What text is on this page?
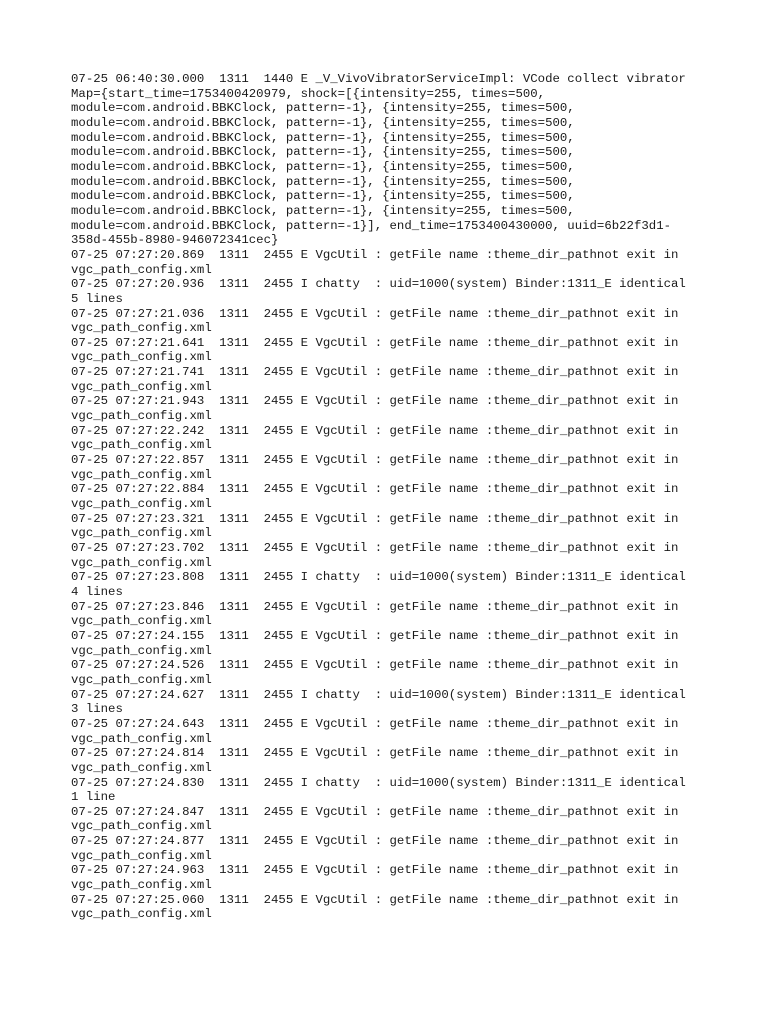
07-25 06:40:30.000  1311  1440 E _V_VivoVibratorServiceImpl: VCode collect vibrator
Map={start_time=1753400420979, shock=[{intensity=255, times=500,
module=com.android.BBKClock, pattern=-1}, {intensity=255, times=500,
module=com.android.BBKClock, pattern=-1}, {intensity=255, times=500,
module=com.android.BBKClock, pattern=-1}, {intensity=255, times=500,
module=com.android.BBKClock, pattern=-1}, {intensity=255, times=500,
module=com.android.BBKClock, pattern=-1}, {intensity=255, times=500,
module=com.android.BBKClock, pattern=-1}, {intensity=255, times=500,
module=com.android.BBKClock, pattern=-1}, {intensity=255, times=500,
module=com.android.BBKClock, pattern=-1}, {intensity=255, times=500,
module=com.android.BBKClock, pattern=-1}], end_time=1753400430000, uuid=6b22f3d1-
358d-455b-8980-946072341cec}
07-25 07:27:20.869  1311  2455 E VgcUtil : getFile name :theme_dir_pathnot exit in
vgc_path_config.xml
07-25 07:27:20.936  1311  2455 I chatty  : uid=1000(system) Binder:1311_E identical
5 lines
07-25 07:27:21.036  1311  2455 E VgcUtil : getFile name :theme_dir_pathnot exit in
vgc_path_config.xml
07-25 07:27:21.641  1311  2455 E VgcUtil : getFile name :theme_dir_pathnot exit in
vgc_path_config.xml
07-25 07:27:21.741  1311  2455 E VgcUtil : getFile name :theme_dir_pathnot exit in
vgc_path_config.xml
07-25 07:27:21.943  1311  2455 E VgcUtil : getFile name :theme_dir_pathnot exit in
vgc_path_config.xml
07-25 07:27:22.242  1311  2455 E VgcUtil : getFile name :theme_dir_pathnot exit in
vgc_path_config.xml
07-25 07:27:22.857  1311  2455 E VgcUtil : getFile name :theme_dir_pathnot exit in
vgc_path_config.xml
07-25 07:27:22.884  1311  2455 E VgcUtil : getFile name :theme_dir_pathnot exit in
vgc_path_config.xml
07-25 07:27:23.321  1311  2455 E VgcUtil : getFile name :theme_dir_pathnot exit in
vgc_path_config.xml
07-25 07:27:23.702  1311  2455 E VgcUtil : getFile name :theme_dir_pathnot exit in
vgc_path_config.xml
07-25 07:27:23.808  1311  2455 I chatty  : uid=1000(system) Binder:1311_E identical
4 lines
07-25 07:27:23.846  1311  2455 E VgcUtil : getFile name :theme_dir_pathnot exit in
vgc_path_config.xml
07-25 07:27:24.155  1311  2455 E VgcUtil : getFile name :theme_dir_pathnot exit in
vgc_path_config.xml
07-25 07:27:24.526  1311  2455 E VgcUtil : getFile name :theme_dir_pathnot exit in
vgc_path_config.xml
07-25 07:27:24.627  1311  2455 I chatty  : uid=1000(system) Binder:1311_E identical
3 lines
07-25 07:27:24.643  1311  2455 E VgcUtil : getFile name :theme_dir_pathnot exit in
vgc_path_config.xml
07-25 07:27:24.814  1311  2455 E VgcUtil : getFile name :theme_dir_pathnot exit in
vgc_path_config.xml
07-25 07:27:24.830  1311  2455 I chatty  : uid=1000(system) Binder:1311_E identical
1 line
07-25 07:27:24.847  1311  2455 E VgcUtil : getFile name :theme_dir_pathnot exit in
vgc_path_config.xml
07-25 07:27:24.877  1311  2455 E VgcUtil : getFile name :theme_dir_pathnot exit in
vgc_path_config.xml
07-25 07:27:24.963  1311  2455 E VgcUtil : getFile name :theme_dir_pathnot exit in
vgc_path_config.xml
07-25 07:27:25.060  1311  2455 E VgcUtil : getFile name :theme_dir_pathnot exit in
vgc_path_config.xml
